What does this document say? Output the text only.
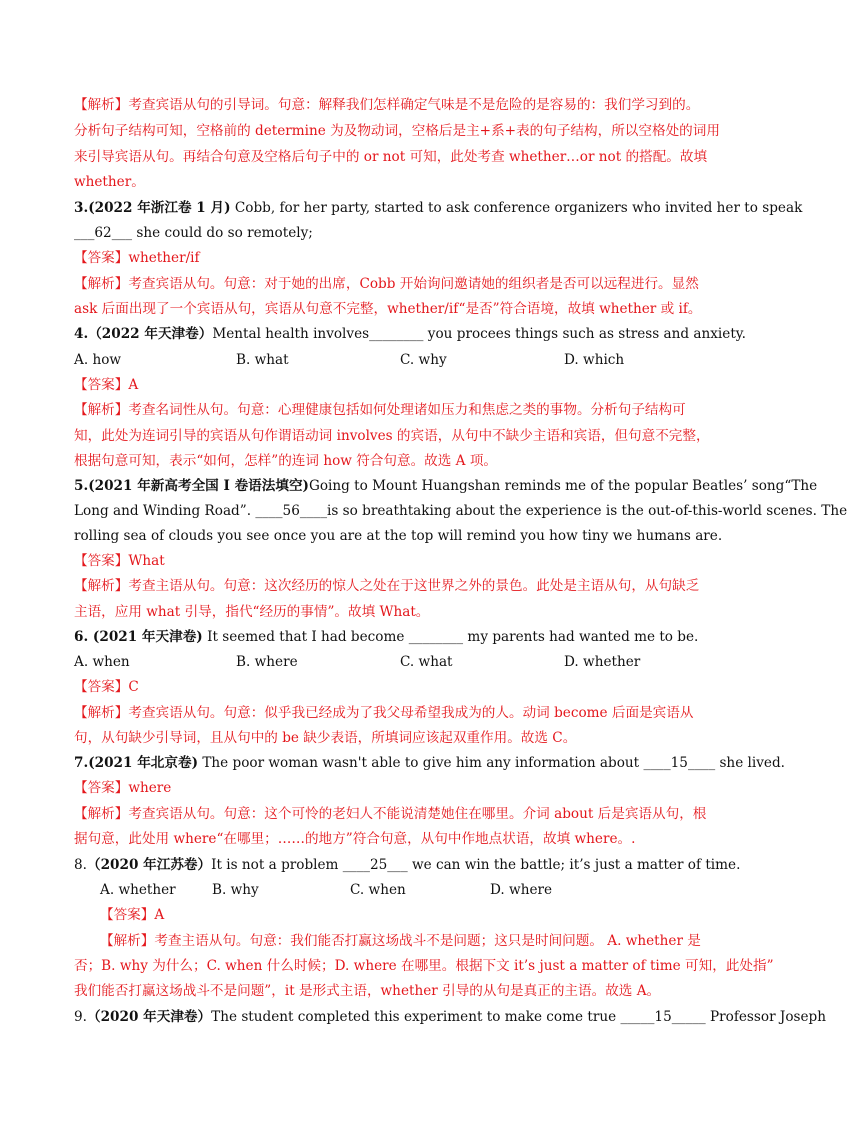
【解析】考查宾语从句的引导词。句意：解释我们怎样确定气味是不是危险的是容易的：我们学习到的。
分析句子结构可知，空格前的 determine 为及物动词，空格后是主+系+表的句子结构，所以空格处的词用
来引导宾语从句。再结合句意及空格后句子中的 or not 可知，此处考查 whether…or not 的搭配。故填
whether。
3.(2022 年浙江卷 1 月) Cobb, for her party, started to ask conference organizers who invited her to speak
___62___ she could do so remotely;
【答案】whether/if
【解析】考查宾语从句。句意：对于她的出席，Cobb 开始询问邀请她的组织者是否可以远程进行。显然
ask 后面出现了一个宾语从句，宾语从句意不完整，whether/if“是否”符合语境，故填 whether 或 if。
4.（2022 年天津卷）Mental health involves________ you procees things such as stress and anxiety.
A. how	B. what	C. why	D. which
【答案】A
【解析】考查名词性从句。句意：心理健康包括如何处理诸如压力和焦虑之类的事物。分析句子结构可
知，此处为连词引导的宾语从句作谓语动词 involves 的宾语，从句中不缺少主语和宾语，但句意不完整，
根据句意可知，表示“如何，怎样”的连词 how 符合句意。故选 A 项。
5.(2021 年新高考全国 I 卷语法填空)Going to Mount Huangshan reminds me of the popular Beatles’ song“The
Long and Winding Road”. ____56____is so breathtaking about the experience is the out-of-this-world scenes. The
rolling sea of clouds you see once you are at the top will remind you how tiny we humans are.
【答案】What
【解析】考查主语从句。句意：这次经历的惊人之处在于这世界之外的景色。此处是主语从句，从句缺乏
主语，应用 what 引导，指代“经历的事情”。故填 What。
6. (2021 年天津卷) It seemed that I had become ________ my parents had wanted me to be.
A. when	B. where	C. what	D. whether
【答案】C
【解析】考查宾语从句。句意：似乎我已经成为了我父母希望我成为的人。动词 become 后面是宾语从
句，从句缺少引导词，且从句中的 be 缺少表语，所填词应该起双重作用。故选 C。
7.(2021 年北京卷) The poor woman wasn't able to give him any information about ____15____ she lived.
【答案】where
【解析】考查宾语从句。句意：这个可怜的老妇人不能说清楚她住在哪里。介词 about 后是宾语从句，根
据句意，此处用 where“在哪里；……的地方”符合句意，从句中作地点状语，故填 where。.
8.（2020 年江苏卷）It is not a problem ____25___ we can win the battle; it’s just a matter of time.
A. whether	B. why	C. when	D. where
【答案】A
【解析】考查主语从句。句意：我们能否打赢这场战斗不是问题；这只是时间问题。 A. whether 是
否；B. why 为什么；C. when 什么时候；D. where 在哪里。根据下文 it’s just a matter of time 可知，此处指”
我们能否打赢这场战斗不是问题”，it 是形式主语，whether 引导的从句是真正的主语。故选 A。
9.（2020 年天津卷）The student completed this experiment to make come true _____15_____ Professor Joseph
